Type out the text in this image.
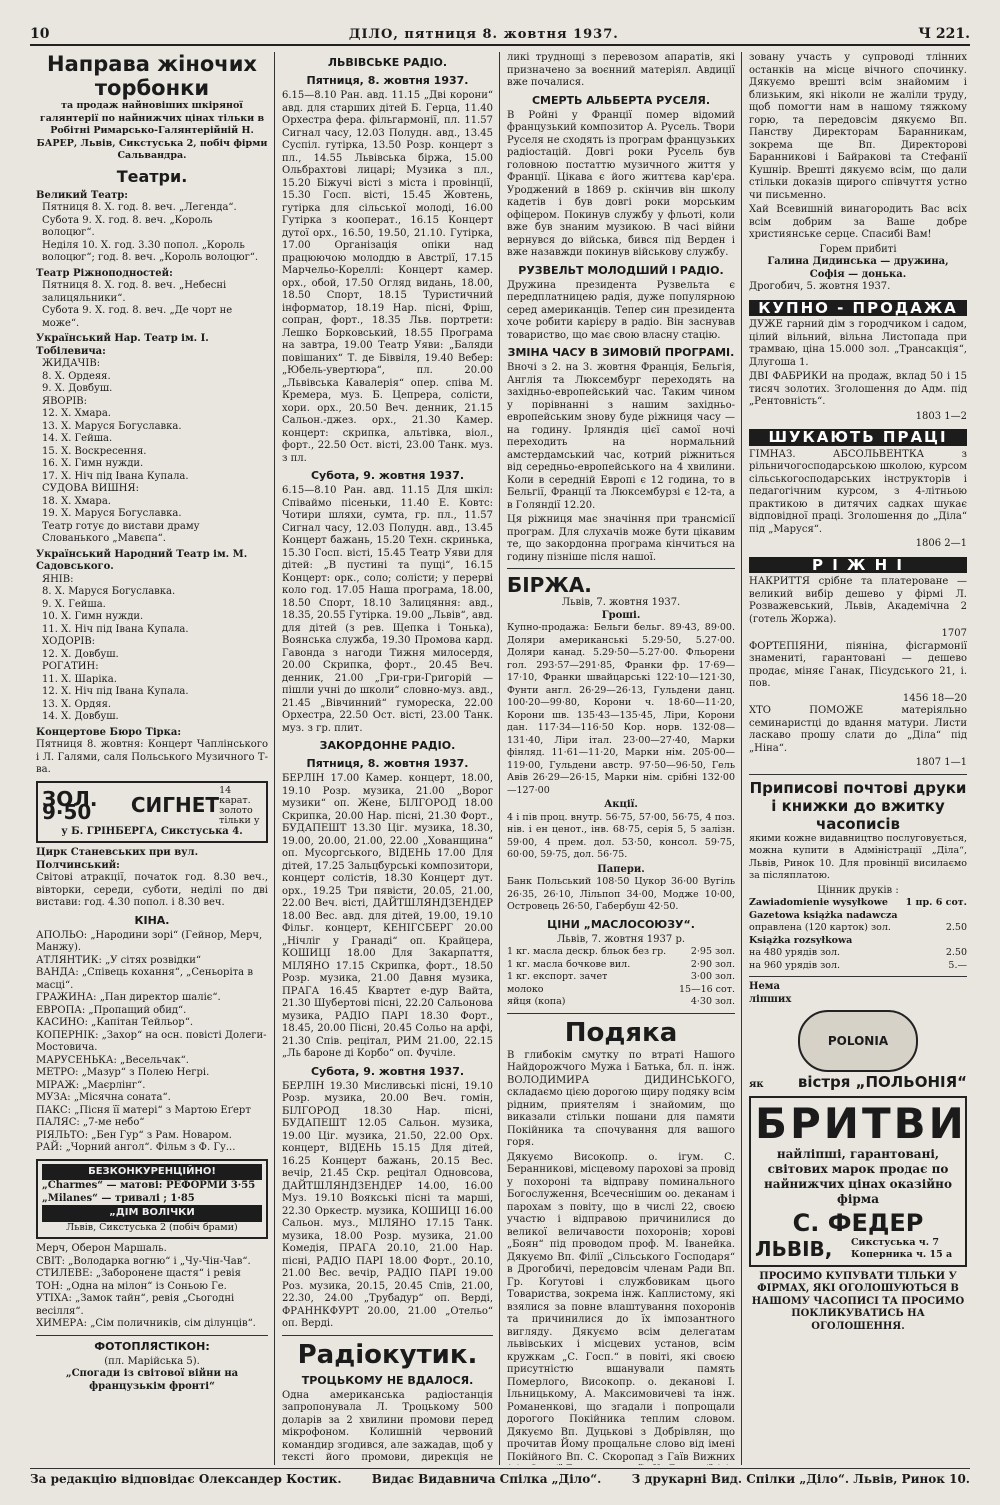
10	ДІЛО, пятниця 8. жовтня 1937.	Ч 221.
Направа жіночих торбонки

та продаж найновіших шкіряної галянтерії по найнижчих цінах тільки в Робітні Римарсько-Галянтерійній Н. БАРЕР, Львів, Сикстуська 2, побіч фірми Сальвандра.

Театри.
Великий Театр:
Пятниця 8. X. год. 8. веч. „Легенда“.
Субота 9. X. год. 8. веч. „Король волоцюг“.
Неділя 10. X. год. 3.30 попол. „Король волоцюг“; год. 8. веч. „Король волоцюг“.
Театр Ріжноподностей:
Пятниця 8. X. год. 8. веч. „Небесні залицяльники“.
Субота 9. X. год. 8. веч. „Де чорт не може“.
Український Нар. Театр ім. І. Тобілевича:
ЖИДАЧІВ:
8. X. Ордеяя.
9. X. Довбуш.
ЯВОРІВ:
12. X. Хмара.
13. X. Маруся Богуславка.
14. X. Гейша.
15. X. Воскресення.
16. X. Гимн нужди.
17. X. Ніч під Івана Купала.
СУДОВА ВИШНЯ:
18. X. Хмара.
19. X. Маруся Богуславка.
Театр готує до вистави драму Слованького „Мавєпа“.
Український Народний Театр ім. М. Садовського.
ЯНІВ:
8. X. Маруся Богуславка.
9. X. Гейша.
10. X. Гимн нужди.
11. X. Ніч під Івана Купала.
ХОДОРІВ:
12. X. Довбуш.
РОГАТИН:
11. X. Шаріка.
12. X. Ніч під Івана Купала.
13. X. Ордяя.
14. X. Довбуш.
Концертове Бюро Тірка:

Пятниця 8. жовтня: Концерт Чаплінського і Л. Галями, саля Польського Музичного Т-ва.

ЗОЛ. 9·50	СИГНЕТ
14 карат. золото тільки у
у Б. ГРІНБЕРГА, Сикстуська 4.
Цирк Станевських при вул. Полчинський:

Світові атракції, початок год. 8.30 веч., вівторки, середи, суботи, неділі по дві вистави: год. 4.30 попол. і 8.30 веч.

КІНА.
АПОЛЬО: „Народини зорі“ (Гейнор, Мерч, Манжу).
АТЛЯНТИК: „У сітях розвідки“
ВАНДА: „Співець кохання“, „Сеньоріта в масці“.
ГРАЖИНА: „Пан директор шаліє“.
ЕВРОПА: „Пропащий обид“.
КАСИНО: „Капітан Тейльор“.
КОПЕРНІК: „Захоp“ на осн. повісті Долеги-Мостовича.
МАРУСЕНЬКА: „Весельчак“.
МЕТРО: „Мазур“ з Полею Негрі.
МІРАЖ: „Маєрлінг“.
МУЗА: „Місячна соната“.
ПАКС: „Пісня її матері“ з Мартою Еґерт
ПАЛЯС: „7-ме небо“
РІЯЛЬТО: „Бен Гур“ з Рам. Новаром.
РАЙ: „Чорний ангол“. Фільм з Ф. Гу...
БЕЗКОНКУРЕНЦІЙНО!
„Charmes“ — матові: РЕФОРМИ 3·55
„Milanes“ — тривалі ; 1·85
„ДІМ ВОЛІЧКИ
Львів, Сикстуська 2 (побіч брами)
Мерч, Оберон Маршаль.
СВІТ: „Володарка вогню“ і „Чу-Чін-Чав“.
СТИЛЕВЕ: „Заборонене щастя“ і ревія
ТОН: „Одна на мілон“ із Соньою Ге.
УТІХА: „Замок тайн“, ревія „Сьогодні весілля“.
ХИМЕРА: „Сім поличників, сім ділунців“.
ФОТОПЛЯСТІКОН:
(пл. Марійська 5).
„Спогади із світової війни на французькім фронті“
ЛЬВІВСЬКЕ РАДІО.
Пятниця, 8. жовтня 1937.

6.15—8.10 Ран. авд. 11.15 „Дві корони“ авд. для старших дітей Б. Герца, 11.40 Орхестра фера. фільгармонії, пл. 11.57 Сигнал часу, 12.03 Полудн. авд., 13.45 Суспіл. гутірка, 13.50 Розр. концерт з пл., 14.55 Львівська біржа, 15.00 Ольбрахтові лицарі; Музика з пл., 15.20 Біжучі вісті з міста і провінції, 15.30 Госп. вісті, 15.45 Жовтень, гутірка для сільської молоді, 16.00 Гутірка з кооперат., 16.15 Концерт дутої орх., 16.50, 19.50, 21.10. Гутірка, 17.00 Організація опіки над працюючою молоддю в Австрії, 17.15 Марчельо-Кореллі: Концерт камер. орх., обой, 17.50 Огляд видань, 18.00, 18.50 Спорт, 18.15 Туристичний інформатор, 18.19 Нар. пісні, Фріш, сопран, форт., 18.35 Льв. портрети: Лешко Борковський, 18.55 Програма на завтра, 19.00 Театр Уяви: „Баляди повішаних“ Т. де Біввіля, 19.40 Вебер: „Юбель-увертюра“, пл. 20.00 „Львівська Кавалерія“ опер. співа М. Кремера, муз. Б. Цепрера, солісти, хори. орх., 20.50 Веч. денник, 21.15 Сальон.-джез. орх., 21.30 Камер. концерт: скрипка, альтівка, віол., форт., 22.50 Ост. вісті, 23.00 Танк. муз. з пл.

Субота, 9. жовтня 1937.

6.15—8.10 Ран. авд. 11.15 Для шкіл: Співаймо пісеньки, 11.40 Е. Ковтс: Чотири шляхи, сумта, гр. пл., 11.57 Сигнал часу, 12.03 Полудн. авд., 13.45 Концерт бажань, 15.20 Техн. скринька, 15.30 Госп. вісті, 15.45 Театр Уяви для дітей: „В пустині та пущі“, 16.15 Концерт: орк., соло; солісти; у перерві коло год. 17.05 Наша програма, 18.00, 18.50 Спорт, 18.10 Залицяння: авд., 18.35, 20.55 Гутірка. 19.00 „Львів“, авд. для дітей (з рев. Щепка і Тонька), Воянська служба, 19.30 Промова кард. Гавонда з нагоди Тижня милосердя, 20.00 Скрипка, форт., 20.45 Веч. денник, 21.00 „Гри-гри-Григорій — пішли учні до школи“ словно-муз. авд., 21.45 „Вівчинний“ гумореска, 22.00 Орхестра, 22.50 Ост. вісті, 23.00 Танк. муз. з гр. плит.

ЗАКОРДОННЕ РАДІО.
Пятниця, 8. жовтня 1937.

БЕРЛІН 17.00 Камер. концерт, 18.00, 19.10 Розр. музика, 21.00 „Ворог музики“ оп. Жене, БІЛГОРОД 18.00 Скрипка, 20.00 Нар. пісні, 21.30 Форт., БУДАПЕШТ 13.30 Ціг. музика, 18.30, 19.00, 20.00, 21.00, 22.00 „Хованщина“ оп. Мусоргського, ВІДЕНЬ 17.00 Для дітей, 17.25 Зальцбурські композитори, концерт солістів, 18.30 Концерт дут. орх., 19.25 Три пявісти, 20.05, 21.00, 22.00 Веч. вісті, ДАЙТШЛЯНДЗЕНДЕР 18.00 Вес. авд. для дітей, 19.00, 19.10 Фільг. концерт, КЕНІГСБЕРГ 20.00 „Нічліг у Гранаді“ оп. Крайцера, КОШИЦІ 18.00 Для Закарпаття, МІЛЯНО 17.15 Скрипка, форт., 18.50 Розр. музика, 21.00 Давня музика, ПРАГА 16.45 Квартет е-дур Вайта, 21.30 Шубертові пісні, 22.20 Сальонова музика, РАДІО ПАРІ 18.30 Форт., 18.45, 20.00 Пісні, 20.45 Сольо на арфі, 21.30 Спів. рецітал, РИМ 21.00, 22.15 „Ль бароне ді Корбо“ оп. Фучіле.

Субота, 9. жовтня 1937.

БЕРЛІН 19.30 Мисливські пісні, 19.10 Розр. музика, 20.00 Веч. гомін, БІЛГОРОД 18.30 Нар. пісні, БУДАПЕШТ 12.05 Сальон. музика, 19.00 Ціг. музика, 21.50, 22.00 Орх. концерт, ВІДЕНЬ 15.15 Для дітей, 16.25 Концерт бажань, 20.15 Вес. вечір, 21.45 Скр. рецітал Одновсова, ДАЙТШЛЯНДЗЕНДЕР 14.00, 16.00 Муз. 19.10 Воякські пісні та марші, 22.30 Оркестр. музика, КОШИЦІ 16.00 Сальон. муз., МІЛЯНО 17.15 Танк. музика, 18.00 Розр. музика, 21.00 Комедія, ПРАГА 20.10, 21.00 Нар. пісні, РАДІО ПАРІ 18.00 Форт., 20.10, 21.00 Вес. вечір, РАДІО ПАРІ 19.00 Роз. музика, 20.15, 20.45 Спів, 21.00, 22.30, 24.00 „Трубадур“ оп. Верді, ФРАННКФУРТ 20.00, 21.00 „Отельо“ оп. Верді.

Радіокутик.
ТРОЦЬКОМУ НЕ ВДАЛОСЯ.

Одна американська радіостанція запропонувала Л. Троцькому 500 доларів за 2 хвилини промови перед мікрофоном. Колишній червоний командир згодився, але зажадав, щоб у тексті його промови, дирекція не

ликі труднощі з перевозом апаратів, які призначено за воєнний матеріял. Авдиції вже почалися.

СМЕРТЬ АЛЬБЕРТА РУСЕЛЯ.

В Ройні у Франції помер відомий французький композитор А. Русель. Твори Руселя не сходять із програм французьких радіостацій. Довгі роки Русель був головною постаттю музичного життя у Франції. Цікава є його життєва кар'єра. Уроджений в 1869 р. скінчив він школу кадетів і був довгі роки морським офіцером. Покинув службу у фльоті, коли вже був знаним музикою. В часі війни вернувся до війська, бився під Верден і вже назавжди покинув військову службу.

РУЗВЕЛЬТ МОЛОДШИЙ І РАДІО.

Дружина президента Рузвельта є передплатницею радія, дуже популярною серед американців. Тепер син президента хоче робити карієру в радіо. Він заснував товариство, що має свою власну стацію.

ЗМІНА ЧАСУ В ЗИМОВІЙ ПРОГРАМІ.

Вночі з 2. на 3. жовтня Франція, Бельгія, Англія та Люксембург переходять на західньо-европейський час. Таким чином у порівнанні з нашим західньо-европейським знову буде ріжниця часу — на годину. Ірляндія цієї самої ночі переходить на нормальний амстердамський час, котрий ріжниться від середньо-европейського на 4 хвилини. Коли в середній Европі є 12 година, то в Бельгії, Франції та Люксембурзі є 12-та, а в Голяндії 12.20.

Ця ріжниця має значіння при трансмісії програм. Для слухачів може бути цікавим те, що закордонна програма кінчиться на годину пізніше після нашої.

БІРЖА.
Львів, 7. жовтня 1937.
Гроші.

Купно-продажа: Бельги бельг. 89·43, 89·00. Доляри американські 5.29·50, 5.27·00. Доляри канад. 5.29·50—5.27·00. Фльорени гол. 293·57—291·85, Франки фр. 17·69—17·10, Франки швайцарські 122·10—121·30, Фунти англ. 26·29—26·13, Гульдени данц. 100·20—99·80, Корони ч. 18·60—11·20, Корони шв. 135·43—135·45, Ліри, Корони дан. 117·34—116·50 Кор. норв. 132·08—131·40, Ліри італ. 23·00—27·40, Марки фінляд. 11·61—11·20, Марки нім. 205·00—119·00, Гульдени австр. 97·50—96·50, Гель Авів 26·29—26·15, Марки нім. срібні 132·00—127·00

Акції.

4 і пів проц. внутр. 56·75, 57·00, 56·75, 4 поз. нів. і ен ценот., інв. 68·75, серія 5, 5 залізн. 59·00, 4 прем. дол. 53·50, консол. 59·75, 60·00, 59·75, дол. 56·75.

Папери.

Банк Польський 108·50 Цукор 36·00 Вугіль 26·35, 26·10, Лільпоп 34·00, Модже 10·00, Островець 26·50, Габербуш 42·50.

ЦІНИ „МАСЛОСОЮЗУ“.
Львів, 7. жовтня 1937 р.
1 кг. масла дескр. бльок без гр.	2·95 зол.
1 кг. масла бочкове вил.	2·90 зол.
1 кг. експорт. зачет	3·00 зол.
молоко	15—16 сот.
яйця (копа)	4·30 зол.
Подяка

В глибокім смутку по втраті Нашого Найдорожчого Мужа і Батька, бл. п. інж. ВОЛОДИМИРА ДИДИНСЬКОГО, складаємо цією дорогою щиру подяку всім рідним, приятелям і знайомим, що виказали стільки пошани для памяти Покійника та спочування для вашого горя.

Дякуємо Високопр. о. ігум. С. Беранникові, місцевому пароховi за провід у похороні та відправу поминального Богослуження, Всечеснішим оо. деканам і парохам з повіту, що в числі 22, своєю участю і відправою причинилися до великої величавости похоронів; хорові „Боян“ під проводом проф. М. Іванейка. Дякуємо Вп. Філії „Сільського Господаря“ в Дрогобичі, передовсім членам Ради Вп. Гр. Когутові і службовикам цього Товариства, зокрема інж. Каплистому, які взялися за повне влаштування похоронів та причинилися до їх імпозантного вигляду. Дякуємо всім делегатам львівських і місцевих установ, всім кружкам „С. Госп.“ в повіті, які своєю присутністю вшанували память Померлого, Високопр. о. деканові І. Ільницькому, А. Максимовичеві та інж. Романенкові, що згадали і попрощали дорогого Покійника теплим словом. Дякуємо Вп. Дуцькові з Добрівлян, що прочитав Йому прощальне слово від імені Покійного Вп. С. Скоропад з Гаїв Вижних

зовану участь у супроводі тлінних останків на місце вічного спочинку. Дякуємо врешті всім знайомим і близьким, які ніколи не жаліли труду, щоб помогти нам в нашому тяжкому горю, та передовсім дякуємо Вп. Панству Директорам Баранникам, зокрема ще Вп. Директорові Баранникові і Байракові та Стефанії Кушнір. Врешті дякуємо всім, що дали стільки доказів щирого співчуття устно чи письменно.

Хай Всевишній винагородить Вас всіх всім добрим за Ваше добре християнське серце. Спасибі Вам!

Горем прибиті
Галина Дидинська — дружина, Софія — донька.
Дрогобич, 5. жовтня 1937.
КУПНО - ПРОДАЖА

ДУЖЕ гарний дім з городчиком і садом, цілий вільний, вільна Листопада при трамваю, ціна 15.000 зол. „Трансакція“, Длугоша 1.

ДВІ ФАБРИКИ на продаж, вклад 50 і 15 тисяч золотих. Зголошення до Адм. під „Рентовність“.

1803 1—2
ШУКАЮТЬ ПРАЦІ

ГІМНАЗ. АБСОЛЬВЕНТКА з рільничогосподарською школою, курсом сільськогосподарських інструкторів і педагогічним курсом, з 4-літньою практикою в дитячих садках шукає відповідної праці. Зголошення до „Діла“ під „Маруся“.

1806 2—1
Р І Ж Н І

НАКРИТТЯ срібне та платероване — великий вибір дешево у фірмі Л. Розважевський, Львів, Академічна 2 (готель Жоржа).

1707

ФОРТЕПІЯНИ, піяніна, фісгармонії знамениті, гарантовані — дешево продає, міняє Ганак, Пісудського 21, і. пов.

1456 18—20

ХТО ПОМОЖЕ матеріяльно семинаристці до вдання матури. Листи ласкаво прошу слати до „Діла“ під „Ніна“.

1807 1—1
Приписові почтові друки і книжки до вжитку часописів

якими кожне видавництво послуговується, можна купити в Адміністрації „Діла“, Львів, Ринок 10. Для провінції висилаємо за післяплатою.

Цінник друків :
Zawiadomienie wysyłkowe 1 пр. 6 сот.
Gazetowa książka nadawcza
оправлена (120 карток) зол.	2.50
Książka rozsyłkowa
на 480 урядів зол.	2.50
на 960 урядів зол.	5.—
Нема ліпших
POLONIA
як вістря „ПОЛЬОНІЯ“
БРИТВИ

найліпші, гарантовані, світових марок продає по найнижчих цінах оказійно фірма

С. ФЕДЕР
ЛЬВІВ, Сикстуська ч. 7 Коперника ч. 15 а

ПРОСИМО КУПУВАТИ ТІЛЬКИ У ФІРМАХ, ЯКІ ОГОЛОШУЮТЬСЯ В НАШОМУ ЧАСОПИСІ ТА ПРОСИМО ПОКЛИКУВАТИСЬ НА ОГОЛОШЕННЯ.

За редакцію відповідає Олександер Костик.	Видає Видавнича Спілка „Діло“.	З друкарні Вид. Спілки „Діло“. Львів, Ринок 10.
